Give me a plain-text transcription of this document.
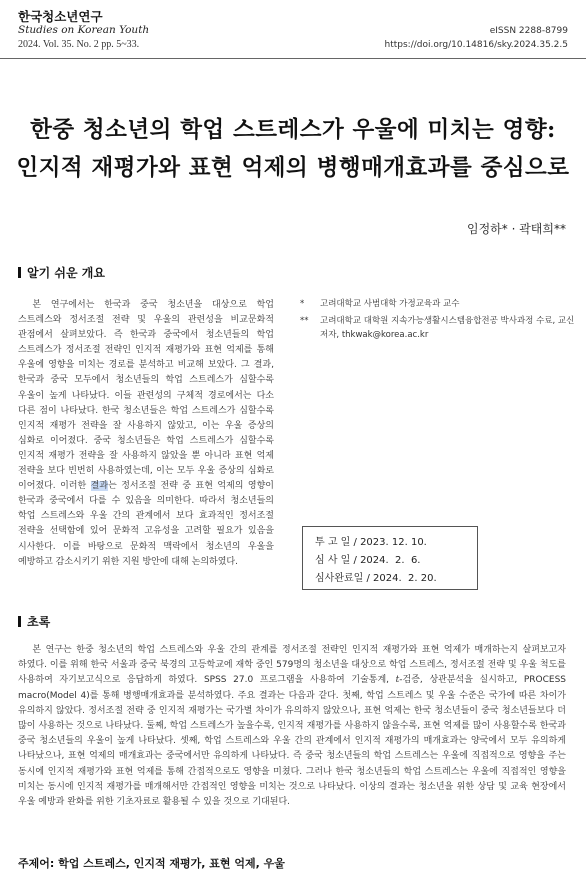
한국청소년연구
Studies on Korean Youth
2024. Vol. 35. No. 2 pp. 5~33.
eISSN 2288-8799
https://doi.org/10.14816/sky.2024.35.2.5
한중 청소년의 학업 스트레스가 우울에 미치는 영향:
인지적 재평가와 표현 억제의 병행매개효과를 중심으로
임정하* · 곽태희**
알기 쉬운 개요

본 연구에서는 한국과 중국 청소년을 대상으로 학업 스트레스와 정서조절 전략 및 우울의 관련성을 비교문화적 관점에서 살펴보았다. 즉 한국과 중국에서 청소년들의 학업 스트레스가 정서조절 전략인 인지적 재평가와 표현 억제를 통해 우울에 영향을 미치는 경로를 분석하고 비교해 보았다. 그 결과, 한국과 중국 모두에서 청소년들의 학업 스트레스가 심할수록 우울이 높게 나타났다. 이들 관련성의 구체적 경로에서는 다소 다른 점이 나타났다. 한국 청소년들은 학업 스트레스가 심할수록 인지적 재평가 전략을 잘 사용하지 않았고, 이는 우울 증상의 심화로 이어졌다. 중국 청소년들은 학업 스트레스가 심할수록 인지적 재평가 전략을 잘 사용하지 않았을 뿐 아니라 표현 억제 전략을 보다 빈번히 사용하였는데, 이는 모두 우울 증상의 심화로 이어졌다. 이러한 결과는 정서조절 전략 중 표현 억제의 영향이 한국과 중국에서 다를 수 있음을 의미한다. 따라서 청소년들의 학업 스트레스와 우울 간의 관계에서 보다 효과적인 정서조절 전략을 선택함에 있어 문화적 고유성을 고려할 필요가 있음을 시사한다. 이를 바탕으로 문화적 맥락에서 청소년의 우울을 예방하고 감소시키기 위한 지원 방안에 대해 논의하였다.

* 고려대학교 사범대학 가정교육과 교수
** 고려대학교 대학원 지속가능생활시스템융합전공 박사과정 수료, 교신저자, thkwak@korea.ac.kr
투 고 일 / 2023. 12. 10.
심 사 일 / 2024.  2.  6.
심사완료일 / 2024.  2. 20.
초록

본 연구는 한중 청소년의 학업 스트레스와 우울 간의 관계를 정서조절 전략인 인지적 재평가와 표현 억제가 매개하는지 살펴보고자 하였다. 이를 위해 한국 서울과 중국 북경의 고등학교에 재학 중인 579명의 청소년을 대상으로 학업 스트레스, 정서조절 전략 및 우울 척도를 사용하여 자기보고식으로 응답하게 하였다. SPSS 27.0 프로그램을 사용하여 기술통계, t-검증, 상관분석을 실시하고, PROCESS macro(Model 4)를 통해 병행매개효과를 분석하였다. 주요 결과는 다음과 같다. 첫째, 학업 스트레스 및 우울 수준은 국가에 따른 차이가 유의하지 않았다. 정서조절 전략 중 인지적 재평가는 국가별 차이가 유의하지 않았으나, 표현 억제는 한국 청소년들이 중국 청소년들보다 더 많이 사용하는 것으로 나타났다. 둘째, 학업 스트레스가 높을수록, 인지적 재평가를 사용하지 않을수록, 표현 억제를 많이 사용할수록 한국과 중국 청소년들의 우울이 높게 나타났다. 셋째, 학업 스트레스와 우울 간의 관계에서 인지적 재평가의 매개효과는 양국에서 모두 유의하게 나타났으나, 표현 억제의 매개효과는 중국에서만 유의하게 나타났다. 즉 중국 청소년들의 학업 스트레스는 우울에 직접적으로 영향을 주는 동시에 인지적 재평가와 표현 억제를 통해 간접적으로도 영향을 미쳤다. 그러나 한국 청소년들의 학업 스트레스는 우울에 직접적인 영향을 미치는 동시에 인지적 재평가를 매개해서만 간접적인 영향을 미치는 것으로 나타났다. 이상의 결과는 청소년을 위한 상담 및 교육 현장에서 우울 예방과 완화를 위한 기초자료로 활용될 수 있을 것으로 기대된다.

주제어: 학업 스트레스, 인지적 재평가, 표현 억제, 우울
